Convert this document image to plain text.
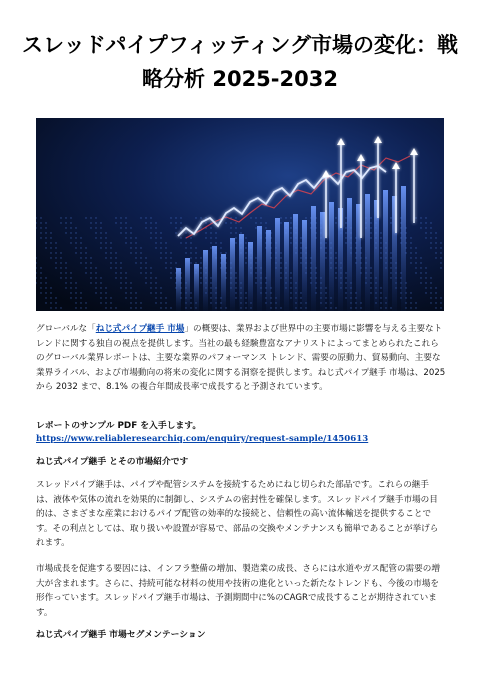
スレッドパイプフィッティング市場の変化：戦
略分析 2025-2032

グローバルな「ねじ式パイプ継手 市場」の概要は、業界および世界中の主要市場に影響を与える主要なトレンドに関する独自の視点を提供します。当社の最も経験豊富なアナリストによってまとめられたこれらのグローバル業界レポートは、主要な業界のパフォーマンス トレンド、需要の原動力、貿易動向、主要な業界ライバル、および市場動向の将来の変化に関する洞察を提供します。ねじ式パイプ継手 市場は、2025 から 2032 まで、8.1% の複合年間成長率で成長すると予測されています。

レポートのサンプル PDF を入手します。 https://www.reliableresearchiq.com/enquiry/request-sample/1450613

ねじ式パイプ継手 とその市場紹介です

スレッドパイプ継手は、パイプや配管システムを接続するためにねじ切られた部品です。これらの継手は、液体や気体の流れを効果的に制御し、システムの密封性を確保します。スレッドパイプ継手市場の目的は、さまざまな産業におけるパイプ配管の効率的な接続と、信頼性の高い流体輸送を提供することです。その利点としては、取り扱いや設置が容易で、部品の交換やメンテナンスも簡単であることが挙げられます。

市場成長を促進する要因には、インフラ整備の増加、製造業の成長、さらには水道やガス配管の需要の増大が含まれます。さらに、持続可能な材料の使用や技術の進化といった新たなトレンドも、今後の市場を形作っています。スレッドパイプ継手市場は、予測期間中に%のCAGRで成長することが期待されています。

ねじ式パイプ継手 市場セグメンテーション
